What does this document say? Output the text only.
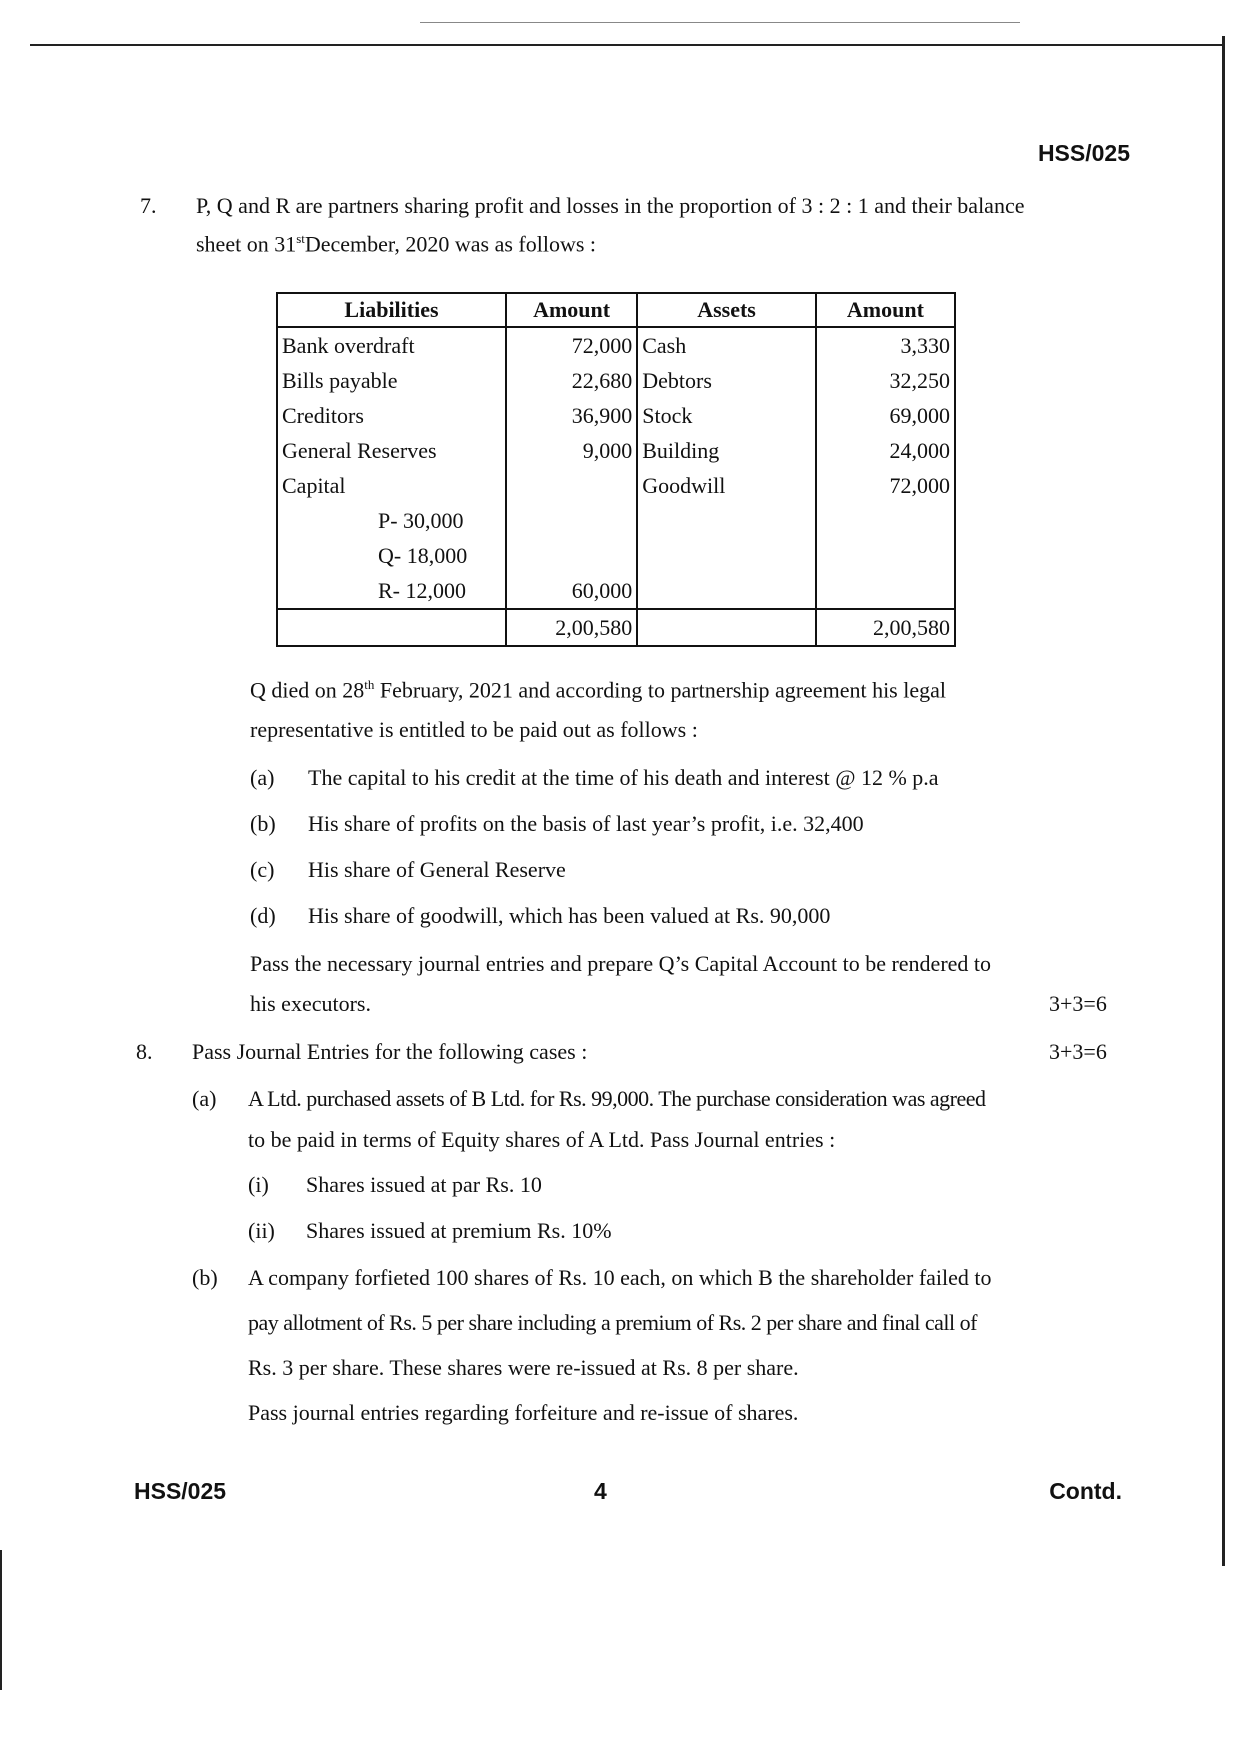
HSS/025
7. P, Q and R are partners sharing profit and losses in the proportion of 3 : 2 : 1 and their balance
sheet on 31stDecember, 2020 was as follows :
Liabilities	Amount	Assets	Amount
Bank overdraft	72,000	Cash	3,330
Bills payable	22,680	Debtors	32,250
Creditors	36,900	Stock	69,000
General Reserves	9,000	Building	24,000
Capital		Goodwill	72,000
P- 30,000			
Q- 18,000			
R- 12,000	60,000		
	2,00,580		2,00,580
Q died on 28th February, 2021 and according to partnership agreement his legal
representative is entitled to be paid out as follows :
(a) The capital to his credit at the time of his death and interest @ 12 % p.a
(b) His share of profits on the basis of last year’s profit, i.e. 32,400
(c) His share of General Reserve
(d) His share of goodwill, which has been valued at Rs. 90,000
Pass the necessary journal entries and prepare Q’s Capital Account to be rendered to
his executors.	3+3=6
8. Pass Journal Entries for the following cases :	3+3=6
(a) A Ltd. purchased assets of B Ltd. for Rs. 99,000. The purchase consideration was agreed
to be paid in terms of Equity shares of A Ltd. Pass Journal entries :
(i) Shares issued at par Rs. 10
(ii) Shares issued at premium Rs. 10%
(b) A company forfieted 100 shares of Rs. 10 each, on which B the shareholder failed to
pay allotment of Rs. 5 per share including a premium of Rs. 2 per share and final call of
Rs. 3 per share. These shares were re-issued at Rs. 8 per share.
Pass journal entries regarding forfeiture and re-issue of shares.
HSS/025	4	Contd.
